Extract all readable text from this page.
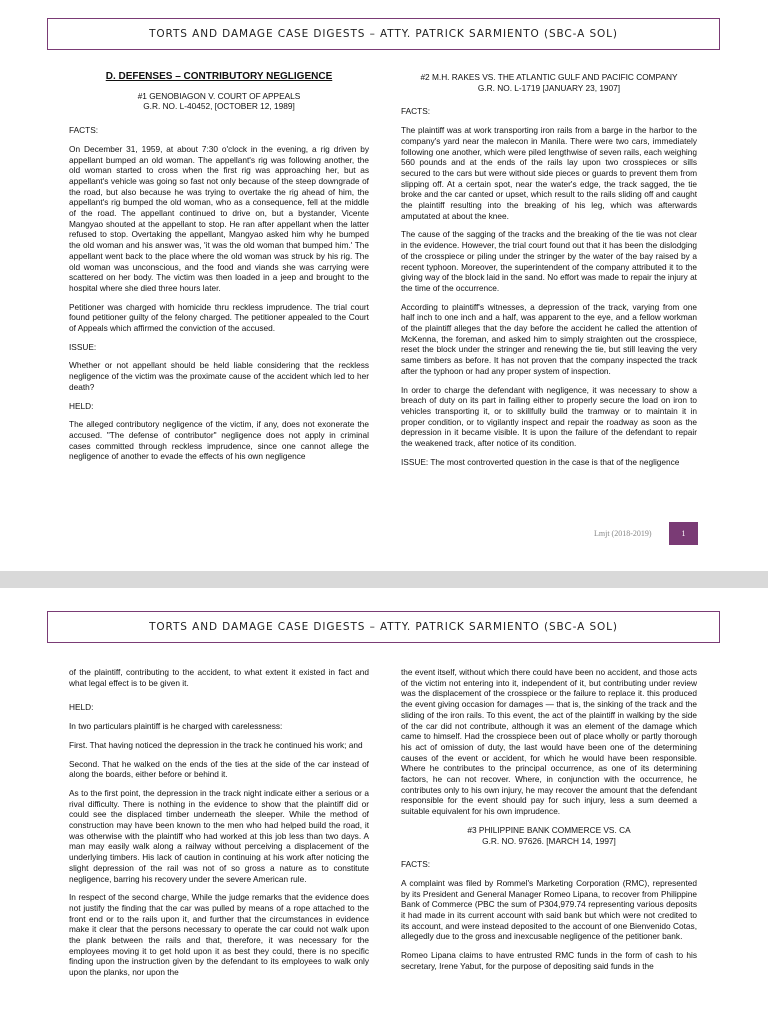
TORTS AND DAMAGE CASE DIGESTS – ATTY. PATRICK SARMIENTO (SBC-A SOL)

D. DEFENSES – CONTRIBUTORY NEGLIGENCE

#1 GENOBIAGON V. COURT OF APPEALS
G.R. NO. L-40452, [OCTOBER 12, 1989]

FACTS:

On December 31, 1959, at about 7:30 o'clock in the evening, a rig driven by appellant bumped an old woman. The appellant's rig was following another, the old woman started to cross when the first rig was approaching her, but as appellant's vehicle was going so fast not only because of the steep downgrade of the road, but also because he was trying to overtake the rig ahead of him, the appellant's rig bumped the old woman, who as a consequence, fell at the middle of the road. The appellant continued to drive on, but a bystander, Vicente Mangyao shouted at the appellant to stop. He ran after appellant when the latter refused to stop. Overtaking the appellant, Mangyao asked him why he bumped the old woman and his answer was, 'it was the old woman that bumped him.' The appellant went back to the place where the old woman was struck by his rig. The old woman was unconscious, and the food and viands she was carrying were scattered on her body. The victim was then loaded in a jeep and brought to the hospital where she died three hours later.

Petitioner was charged with homicide thru reckless imprudence. The trial court found petitioner guilty of the felony charged. The petitioner appealed to the Court of Appeals which affirmed the conviction of the accused.

ISSUE:

Whether or not appellant should be held liable considering that the reckless negligence of the victim was the proximate cause of the accident which led to her death?

HELD:

The alleged contributory negligence of the victim, if any, does not exonerate the accused. "The defense of contributor" negligence does not apply in criminal cases committed through reckless imprudence, since one cannot allege the negligence of another to evade the effects of his own negligence

#2 M.H. RAKES VS. THE ATLANTIC GULF AND PACIFIC COMPANY
G.R. NO. L-1719 [JANUARY 23, 1907]

FACTS:

The plaintiff was at work transporting iron rails from a barge in the harbor to the company's yard near the malecon in Manila. There were two cars, immediately following one another, which were piled lengthwise of seven rails, each weighing 560 pounds and at the ends of the rails lay upon two crosspieces or sills secured to the cars but were without side pieces or guards to prevent them from slipping off. At a certain spot, near the water's edge, the track sagged, the tie broke and the car canted or upset, which result to the rails sliding off and caught the plaintiff resulting into the breaking of his leg, which was afterwards amputated at about the knee.

The cause of the sagging of the tracks and the breaking of the tie was not clear in the evidence. However, the trial court found out that it has been the dislodging of the crosspiece or piling under the stringer by the water of the bay raised by a recent typhoon. Moreover, the superintendent of the company attributed it to the giving way of the block laid in the sand. No effort was made to repair the injury at the time of the occurrence.

According to plaintiff's witnesses, a depression of the track, varying from one half inch to one inch and a half, was apparent to the eye, and a fellow workman of the plaintiff alleges that the day before the accident he called the attention of McKenna, the foreman, and asked him to simply straighten out the crosspiece, reset the block under the stringer and renewing the tie, but still leaving the very same timbers as before. It has not proven that the company inspected the track after the typhoon or had any proper system of inspection.

In order to charge the defendant with negligence, it was necessary to show a breach of duty on its part in failing either to properly secure the load on iron to vehicles transporting it, or to skillfully build the tramway or to maintain it in proper condition, or to vigilantly inspect and repair the roadway as soon as the depression in it became visible. It is upon the failure of the defendant to repair the weakened track, after notice of its condition.

ISSUE: The most controverted question in the case is that of the negligence

Lmjt (2018-2019)	1
TORTS AND DAMAGE CASE DIGESTS – ATTY. PATRICK SARMIENTO (SBC-A SOL)

of the plaintiff, contributing to the accident, to what extent it existed in fact and what legal effect is to be given it.

HELD:

In two particulars plaintiff is he charged with carelessness:

First. That having noticed the depression in the track he continued his work; and

Second. That he walked on the ends of the ties at the side of the car instead of along the boards, either before or behind it.

As to the first point, the depression in the track night indicate either a serious or a rival difficulty. There is nothing in the evidence to show that the plaintiff did or could see the displaced timber underneath the sleeper. While the method of construction may have been known to the men who had helped build the road, it was otherwise with the plaintiff who had worked at this job less than two days. A man may easily walk along a railway without perceiving a displacement of the underlying timbers. His lack of caution in continuing at his work after noticing the slight depression of the rail was not of so gross a nature as to constitute negligence, barring his recovery under the severe American rule.

In respect of the second charge, While the judge remarks that the evidence does not justify the finding that the car was pulled by means of a rope attached to the front end or to the rails upon it, and further that the circumstances in evidence make it clear that the persons necessary to operate the car could not walk upon the plank between the rails and that, therefore, it was necessary for the employees moving it to get hold upon it as best they could, there is no specific finding upon the instruction given by the defendant to its employees to walk only upon the planks, nor upon the

the event itself, without which there could have been no accident, and those acts of the victim not entering into it, independent of it, but contributing under review was the displacement of the crosspiece or the failure to replace it. this produced the event giving occasion for damages — that is, the sinking of the track and the sliding of the iron rails. To this event, the act of the plaintiff in walking by the side of the car did not contribute, although it was an element of the damage which came to himself. Had the crosspiece been out of place wholly or partly thorough his act of omission of duty, the last would have been one of the determining causes of the event or accident, for which he would have been responsible. Where he contributes to the principal occurrence, as one of its determining factors, he can not recover. Where, in conjunction with the occurrence, he contributes only to his own injury, he may recover the amount that the defendant responsible for the event should pay for such injury, less a sum deemed a suitable equivalent for his own imprudence.

#3 PHILIPPINE BANK COMMERCE VS. CA
G.R. NO. 97626. [MARCH 14, 1997]

FACTS:

A complaint was filed by Rommel's Marketing Corporation (RMC), represented by its President and General Manager Romeo Lipana, to recover from Philippine Bank of Commerce (PBC the sum of P304,979.74 representing various deposits it had made in its current account with said bank but which were not credited to its account, and were instead deposited to the account of one Bienvenido Cotas, allegedly due to the gross and inexcusable negligence of the petitioner bank.

Romeo Lipana claims to have entrusted RMC funds in the form of cash to his secretary, Irene Yabut, for the purpose of depositing said funds in the
